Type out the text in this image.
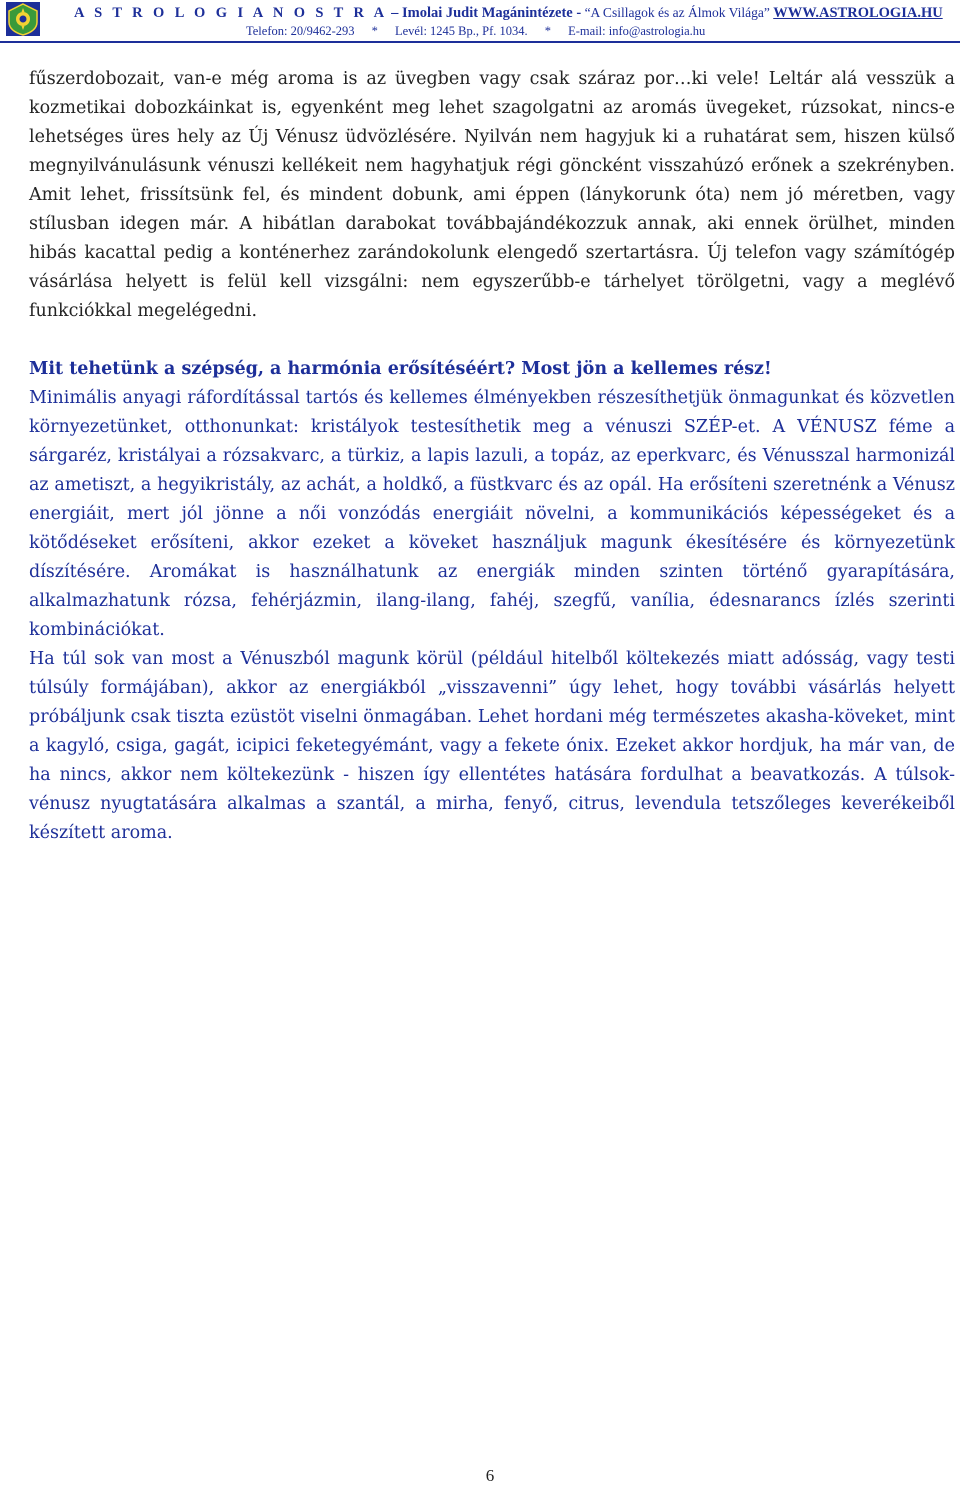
A S T R O L O G I A N O S T R A – Imolai Judit Magánintézete - “A Csillagok és az Álmok Világa” WWW.ASTROLOGIA.HU
Telefon: 20/9462-293 * Levél: 1245 Bp., Pf. 1034. * E-mail: info@astrologia.hu

fűszerdobozait, van-e még aroma is az üvegben vagy csak száraz por…ki vele! Leltár alá vesszük a kozmetikai dobozkáinkat is, egyenként meg lehet szagolgatni az aromás üvegeket, rúzsokat, nincs-e lehetséges üres hely az Új Vénusz üdvözlésére. Nyilván nem hagyjuk ki a ruhatárat sem, hiszen külső megnyilvánulásunk vénuszi kellékeit nem hagyhatjuk régi göncként visszahúzó erőnek a szekrényben. Amit lehet, frissítsünk fel, és mindent dobunk, ami éppen (lánykorunk óta) nem jó méretben, vagy stílusban idegen már. A hibátlan darabokat továbbajándékozzuk annak, aki ennek örülhet, minden hibás kacattal pedig a konténerhez zarándokolunk elengedő szertartásra. Új telefon vagy számítógép vásárlása helyett is felül kell vizsgálni: nem egyszerűbb-e tárhelyet törölgetni, vagy a meglévő funkciókkal megelégedni.

Mit tehetünk a szépség, a harmónia erősítéséért? Most jön a kellemes rész!

Minimális anyagi ráfordítással tartós és kellemes élményekben részesíthetjük önmagunkat és közvetlen környezetünket, otthonunkat: kristályok testesíthetik meg a vénuszi SZÉP-et. A VÉNUSZ féme a sárgaréz, kristályai a rózsakvarc, a türkiz, a lapis lazuli, a topáz, az eperkvarc, és Vénusszal harmonizál az ametiszt, a hegyikristály, az achát, a holdkő, a füstkvarc és az opál. Ha erősíteni szeretnénk a Vénusz energiáit, mert jól jönne a női vonzódás energiáit növelni, a kommunikációs képességeket és a kötődéseket erősíteni, akkor ezeket a köveket használjuk magunk ékesítésére és környezetünk díszítésére. Aromákat is használhatunk az energiák minden szinten történő gyarapítására, alkalmazhatunk rózsa, fehérjázmin, ilang-ilang, fahéj, szegfű, vanília, édesnarancs ízlés szerinti kombinációkat.

Ha túl sok van most a Vénuszból magunk körül (például hitelből költekezés miatt adósság, vagy testi túlsúly formájában), akkor az energiákból „visszavenni” úgy lehet, hogy további vásárlás helyett próbáljunk csak tiszta ezüstöt viselni önmagában. Lehet hordani még természetes akasha-köveket, mint a kagyló, csiga, gagát, icipici feketegyémánt, vagy a fekete ónix. Ezeket akkor hordjuk, ha már van, de ha nincs, akkor nem költekezünk - hiszen így ellentétes hatására fordulhat a beavatkozás. A túlsok-vénusz nyugtatására alkalmas a szantál, a mirha, fenyő, citrus, levendula tetszőleges keverékeiből készített aroma.

6
